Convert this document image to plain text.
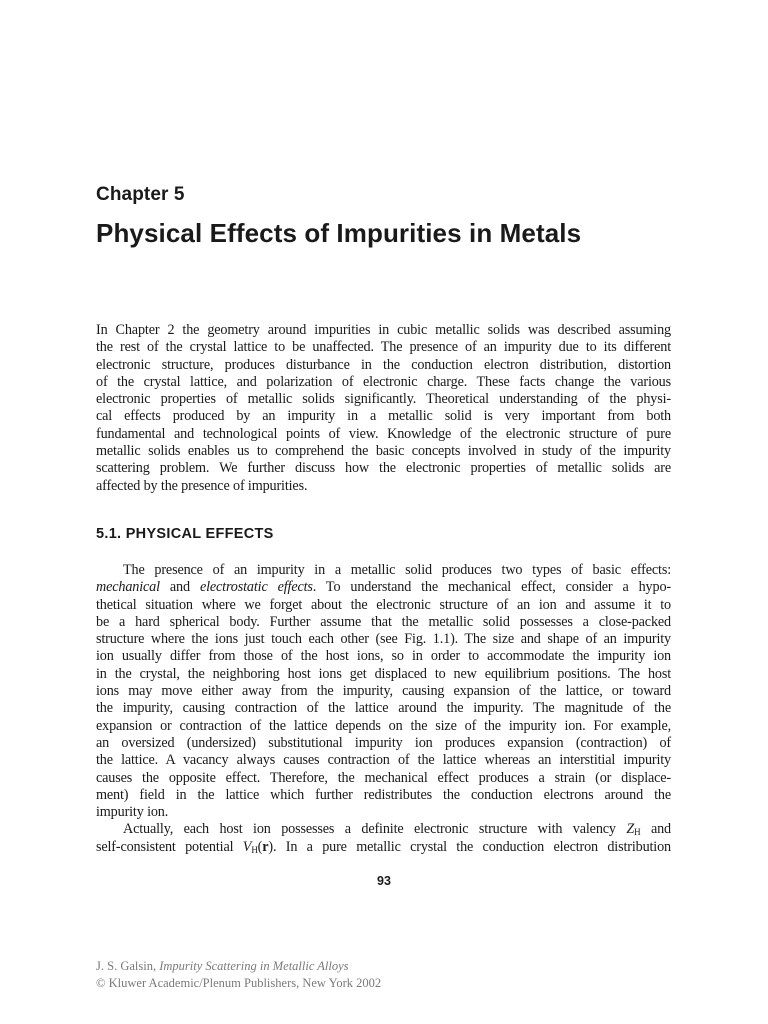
Chapter 5
Physical Effects of Impurities in Metals
In Chapter 2 the geometry around impurities in cubic metallic solids was described assuming
the rest of the crystal lattice to be unaffected. The presence of an impurity due to its different
electronic structure, produces disturbance in the conduction electron distribution, distortion
of the crystal lattice, and polarization of electronic charge. These facts change the various
electronic properties of metallic solids significantly. Theoretical understanding of the physi-
cal effects produced by an impurity in a metallic solid is very important from both
fundamental and technological points of view. Knowledge of the electronic structure of pure
metallic solids enables us to comprehend the basic concepts involved in study of the impurity
scattering problem. We further discuss how the electronic properties of metallic solids are
affected by the presence of impurities.
5.1. PHYSICAL EFFECTS
The presence of an impurity in a metallic solid produces two types of basic effects:
mechanical and electrostatic effects. To understand the mechanical effect, consider a hypo-
thetical situation where we forget about the electronic structure of an ion and assume it to
be a hard spherical body. Further assume that the metallic solid possesses a close-packed
structure where the ions just touch each other (see Fig. 1.1). The size and shape of an impurity
ion usually differ from those of the host ions, so in order to accommodate the impurity ion
in the crystal, the neighboring host ions get displaced to new equilibrium positions. The host
ions may move either away from the impurity, causing expansion of the lattice, or toward
the impurity, causing contraction of the lattice around the impurity. The magnitude of the
expansion or contraction of the lattice depends on the size of the impurity ion. For example,
an oversized (undersized) substitutional impurity ion produces expansion (contraction) of
the lattice. A vacancy always causes contraction of the lattice whereas an interstitial impurity
causes the opposite effect. Therefore, the mechanical effect produces a strain (or displace-
ment) field in the lattice which further redistributes the conduction electrons around the
impurity ion.
Actually, each host ion possesses a definite electronic structure with valency $Z_H$ and
self-consistent potential $V_H(r)$. In a pure metallic crystal the conduction electron distribution
93
J. S. Galsin, Impurity Scattering in Metallic Alloys
© Kluwer Academic/Plenum Publishers, New York 2002
